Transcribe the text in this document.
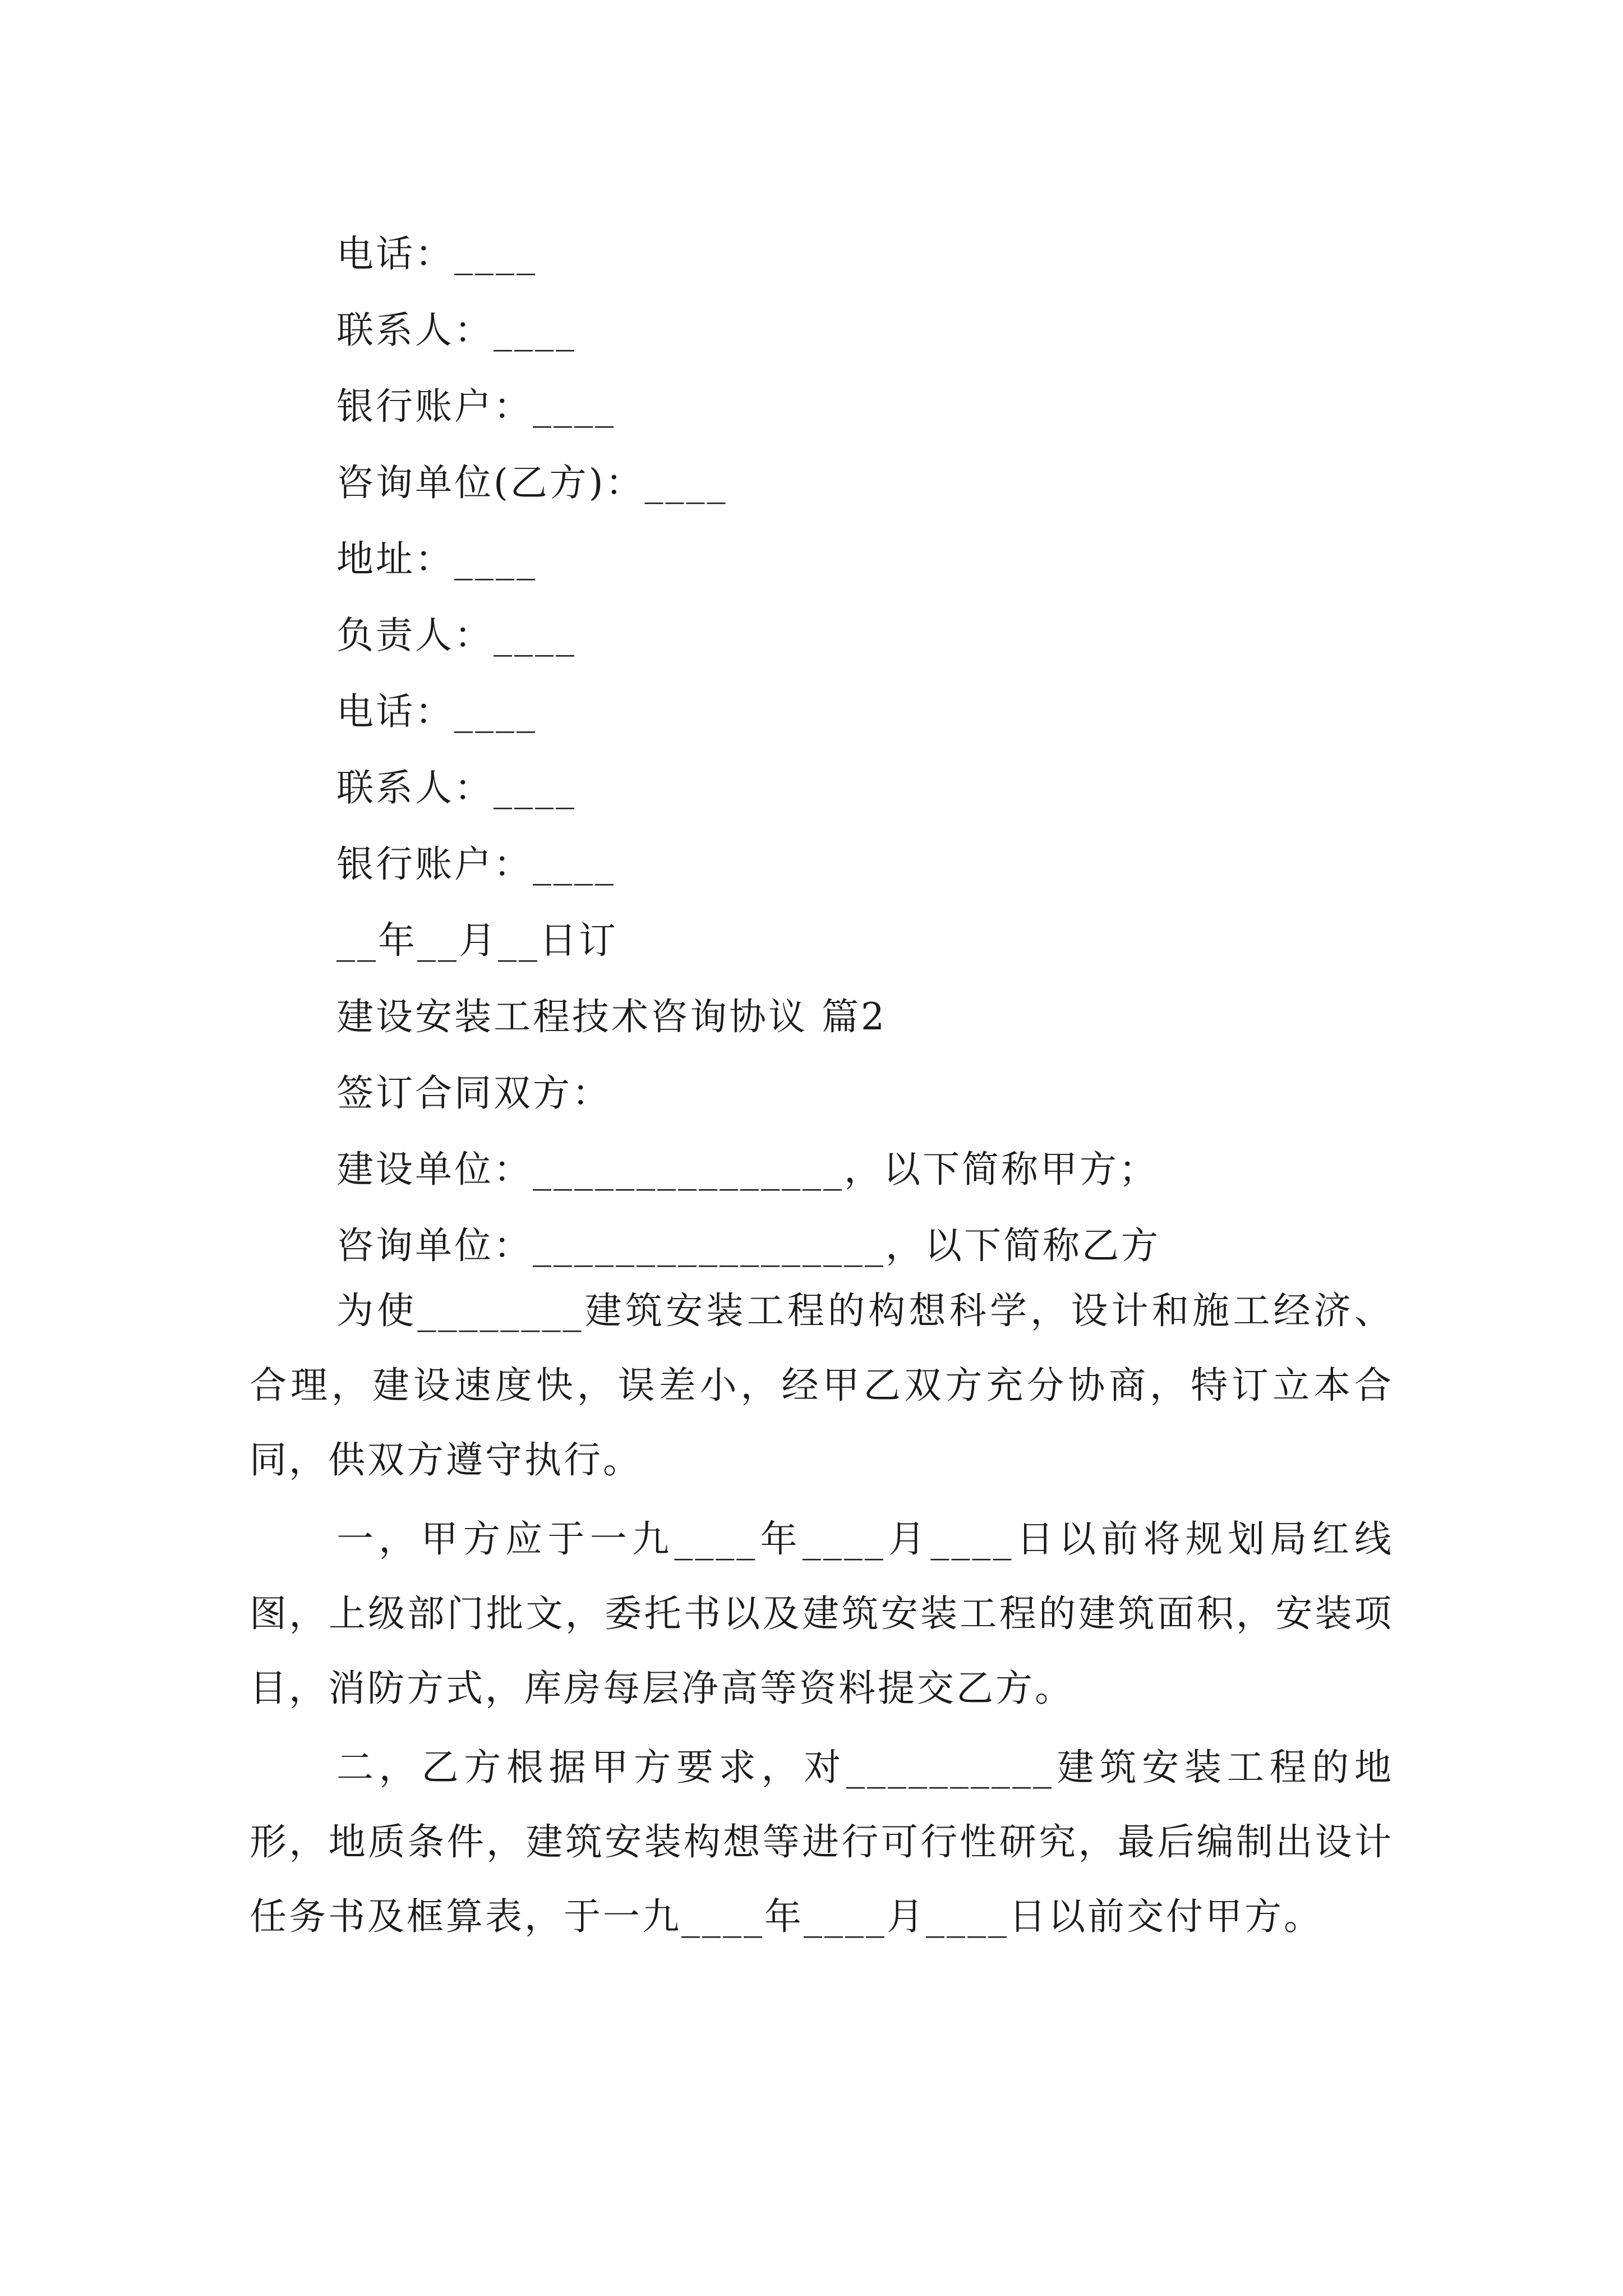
电话：____
联系人：____
银行账户：____
咨询单位(乙方)：____
地址：____
负责人：____
电话：____
联系人：____
银行账户：____
__年__月__日订
建设安装工程技术咨询协议 篇2
签订合同双方：
建设单位：_______________，以下简称甲方；
咨询单位：_________________，以下简称乙方

为使________建筑安装工程的构想科学，设计和施工经济、合理，建设速度快，误差小，经甲乙双方充分协商，特订立本合同，供双方遵守执行。

一，甲方应于一九____年____月____日以前将规划局红线图，上级部门批文，委托书以及建筑安装工程的建筑面积，安装项目，消防方式，库房每层净高等资料提交乙方。

二，乙方根据甲方要求，对__________建筑安装工程的地形，地质条件，建筑安装构想等进行可行性研究，最后编制出设计任务书及框算表，于一九____年____月____日以前交付甲方。
